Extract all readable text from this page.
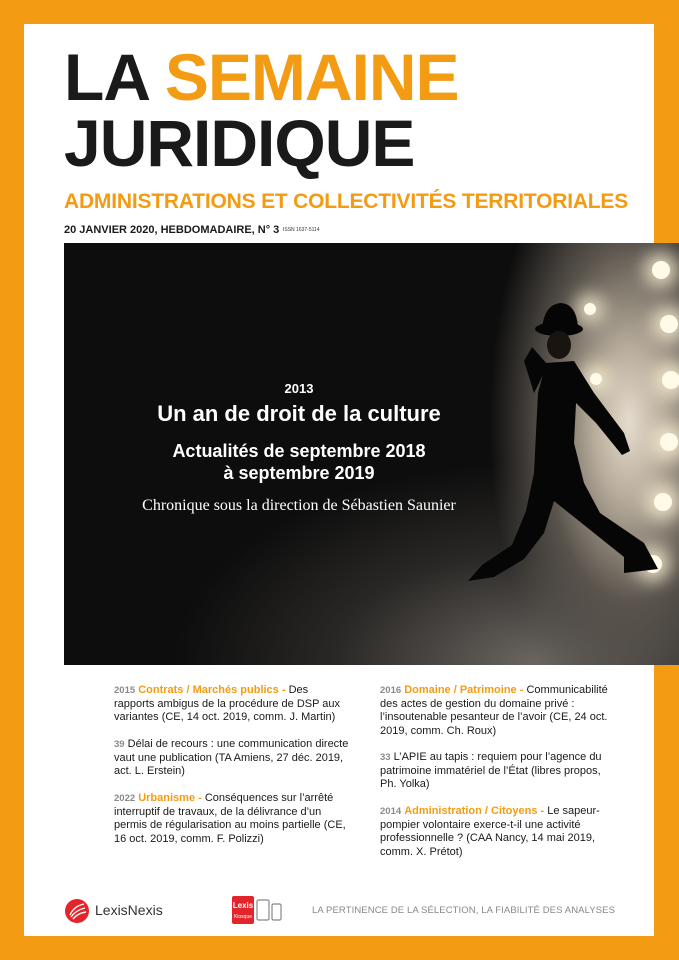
LA SEMAINE
JURIDIQUE
ADMINISTRATIONS ET COLLECTIVITÉS TERRITORIALES
20 JANVIER 2020, HEBDOMADAIRE, N° 3 ISSN 1637-5114
2013
Un an de droit de la culture
Actualités de septembre 2018
à septembre 2019
Chronique sous la direction de Sébastien Saunier
2015 Contrats / Marchés publics - Des rapports ambigus de la procédure de DSP aux variantes (CE, 14 oct. 2019, comm. J. Martin)
39 Délai de recours : une communication directe vaut une publication (TA Amiens, 27 déc. 2019, act. L. Erstein)
2022 Urbanisme - Conséquences sur l’arrêté interruptif de travaux, de la délivrance d’un permis de régularisation au moins partielle (CE, 16 oct. 2019, comm. F. Polizzi)
2016 Domaine / Patrimoine - Communicabilité des actes de gestion du domaine privé : l’insoutenable pesanteur de l’avoir (CE, 24 oct. 2019, comm. Ch. Roux)
33 L’APIE au tapis : requiem pour l’agence du patrimoine immatériel de l’État (libres propos, Ph. Yolka)
2014 Administration / Citoyens - Le sapeur-pompier volontaire exerce-t-il une activité professionnelle ? (CAA Nancy, 14 mai 2019, comm. X. Prétot)
LexisNexis	Lexis
Kiosque
LA PERTINENCE DE LA SÉLECTION, LA FIABILITÉ DES ANALYSES
